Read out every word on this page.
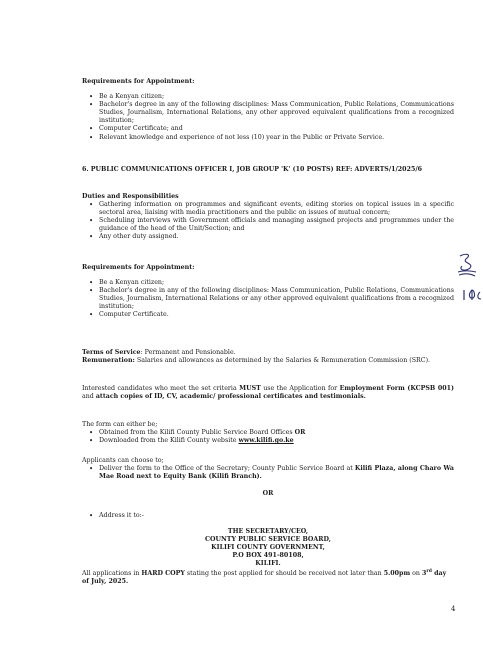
Requirements for Appointment:
• Be a Kenyan citizen;
• Bachelor's degree in any of the following disciplines: Mass Communication, Public Relations, Communications Studies, Journalism, International Relations, any other approved equivalent qualifications from a recognized institution;
• Computer Certificate; and
• Relevant knowledge and experience of not less (10) year in the Public or Private Service.
6. PUBLIC COMMUNICATIONS OFFICER I, JOB GROUP 'K' (10 POSTS) REF: ADVERTS/1/2025/6
Duties and Responsibilities
• Gathering information on programmes and significant events, editing stories on topical issues in a specific sectoral area, liaising with media practitioners and the public on issues of mutual concern;
• Scheduling interviews with Government officials and managing assigned projects and programmes under the guidance of the head of the Unit/Section; and
• Any other duty assigned.
Requirements for Appointment:
• Be a Kenyan citizen;
• Bachelor's degree in any of the following disciplines: Mass Communication, Public Relations, Communications Studies, Journalism, International Relations or any other approved equivalent qualifications from a recognized institution;
• Computer Certificate.
Terms of Service: Permanent and Pensionable.
Remuneration: Salaries and allowances as determined by the Salaries & Remuneration Commission (SRC).
Interested candidates who meet the set criteria MUST use the Application for Employment Form (KCPSB 001) and attach copies of ID, CV, academic/ professional certificates and testimonials.
The form can either be;
• Obtained from the Kilifi County Public Service Board Offices OR
• Downloaded from the Kilifi County website www.kilifi.go.ke
Applicants can choose to;
• Deliver the form to the Office of the Secretary; County Public Service Board at Kilifi Plaza, along Charo Wa Mae Road next to Equity Bank (Kilifi Branch).
OR
• Address it to:-
THE SECRETARY/CEO,
COUNTY PUBLIC SERVICE BOARD,
KILIFI COUNTY GOVERNMENT,
P.O BOX 491-80108,
KILIFI.
All applications in HARD COPY stating the post applied for should be received not later than 5.00pm on 3rd day of July, 2025.
4
